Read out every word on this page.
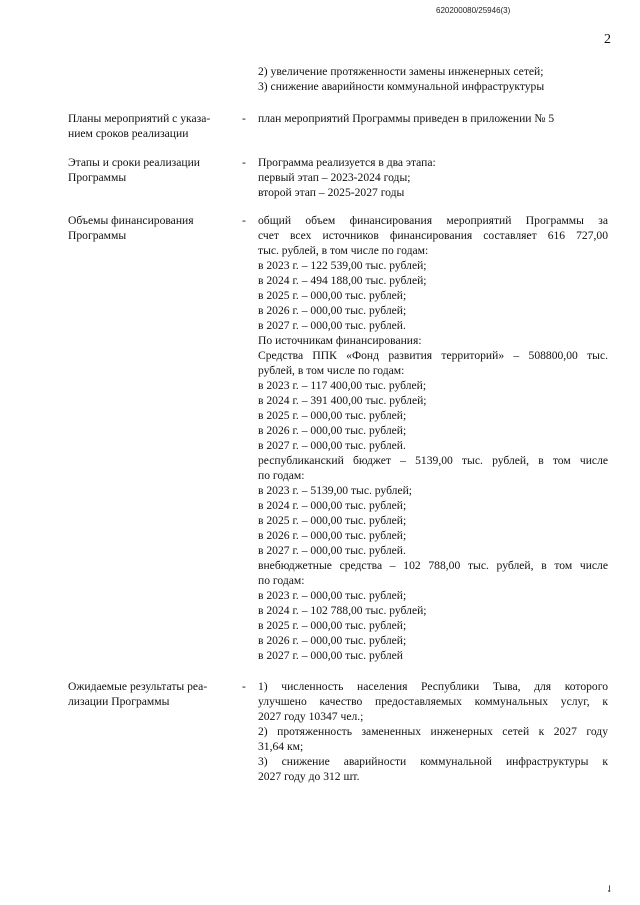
620200080/25946(3)
2
2) увеличение протяженности замены инженерных сетей;
3) снижение аварийности коммунальной инфраструктуры
Планы мероприятий с указа-
нием сроков реализации
-	план мероприятий Программы приведен в приложении № 5
Этапы и сроки реализации
Программы
-	Программа реализуется в два этапа:
первый этап – 2023-2024 годы;
второй этап – 2025-2027 годы
Объемы финансирования
Программы
-	общий объем финансирования мероприятий Программы за
счет всех источников финансирования составляет 616 727,00
тыс. рублей, в том числе по годам:
в 2023 г. – 122 539,00 тыс. рублей;
в 2024 г. – 494 188,00 тыс. рублей;
в 2025 г. – 000,00 тыс. рублей;
в 2026 г. – 000,00 тыс. рублей;
в 2027 г. – 000,00 тыс. рублей.
По источникам финансирования:
Средства ППК «Фонд развития территорий» – 508800,00 тыс.
рублей, в том числе по годам:
в 2023 г. – 117 400,00 тыс. рублей;
в 2024 г. – 391 400,00 тыс. рублей;
в 2025 г. – 000,00 тыс. рублей;
в 2026 г. – 000,00 тыс. рублей;
в 2027 г. – 000,00 тыс. рублей.
республиканский бюджет – 5139,00 тыс. рублей, в том числе
по годам:
в 2023 г. – 5139,00 тыс. рублей;
в 2024 г. – 000,00 тыс. рублей;
в 2025 г. – 000,00 тыс. рублей;
в 2026 г. – 000,00 тыс. рублей;
в 2027 г. – 000,00 тыс. рублей.
внебюджетные средства – 102 788,00 тыс. рублей, в том числе
по годам:
в 2023 г. – 000,00 тыс. рублей;
в 2024 г. – 102 788,00 тыс. рублей;
в 2025 г. – 000,00 тыс. рублей;
в 2026 г. – 000,00 тыс. рублей;
в 2027 г. – 000,00 тыс. рублей
Ожидаемые результаты реа-
лизации Программы
-	1) численность населения Республики Тыва, для которого
улучшено качество предоставляемых коммунальных услуг, к
2027 году 10347 чел.;
2) протяженность замененных инженерных сетей к 2027 году
31,64 км;
3) снижение аварийности коммунальной инфраструктуры к
2027 году до 312 шт.
✓
